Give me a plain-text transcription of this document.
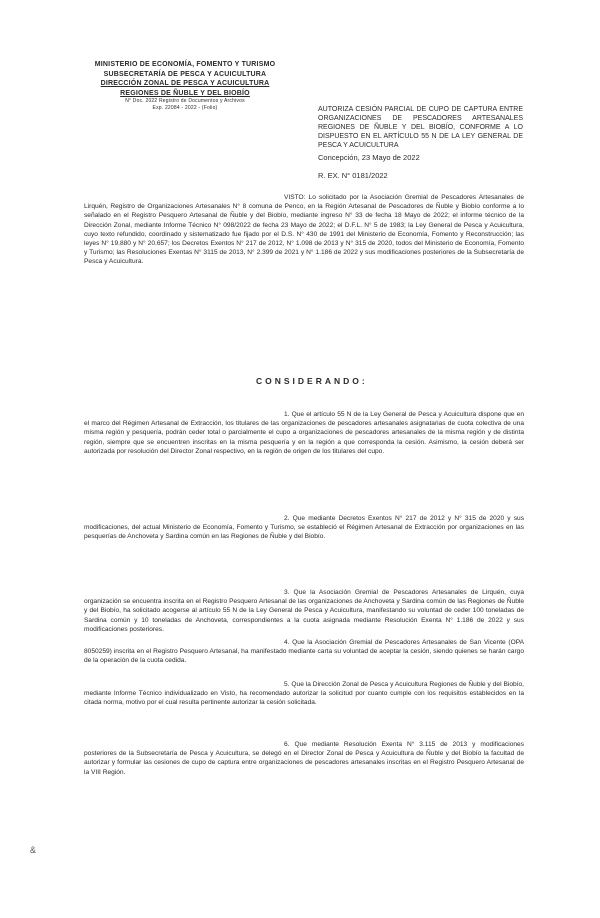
MINISTERIO DE ECONOMÍA, FOMENTO Y TURISMO
SUBSECRETARÍA DE PESCA Y ACUICULTURA
DIRECCIÓN ZONAL DE PESCA Y ACUICULTURA
REGIONES DE ÑUBLE Y DEL BIOBÍO
N° Doc. 2022 Registro de Documentos y Archivos
Exp. 22084 - 2022 - (Folio)	AUTORIZA CESIÓN PARCIAL DE CUPO DE CAPTURA ENTRE ORGANIZACIONES DE PESCADORES ARTESANALES REGIONES DE ÑUBLE Y DEL BIOBÍO, CONFORME A LO DISPUESTO EN EL ARTÍCULO 55 N DE LA LEY GENERAL DE PESCA Y ACUICULTURA
Concepción, 23 Mayo de 2022
R. EX. N° 0181/2022
VISTO: Lo solicitado por la Asociación Gremial de Pescadores Artesanales de Lirquén, Registro de Organizaciones Artesanales N° 8 comuna de Penco, en la Región Artesanal de Pescadores de Ñuble y Biobío conforme a lo señalado en el Registro Pesquero Artesanal de Ñuble y del Biobío, mediante ingreso N° 33 de fecha 18 Mayo de 2022; el informe técnico de la Dirección Zonal, mediante Informe Técnico N° 098/2022 de fecha 23 Mayo de 2022; el D.F.L. N° 5 de 1983; la Ley General de Pesca y Acuicultura, cuyo texto refundido, coordinado y sistematizado fue fijado por el D.S. N° 430 de 1991 del Ministerio de Economía, Fomento y Reconstrucción; las leyes N° 19.880 y N° 20.657; los Decretos Exentos N° 217 de 2012, N° 1.098 de 2013 y N° 315 de 2020, todos del Ministerio de Economía, Fomento y Turismo; las Resoluciones Exentas N° 3115 de 2013, N° 2.399 de 2021 y N° 1.186 de 2022 y sus modificaciones posteriores de la Subsecretaría de Pesca y Acuicultura.
CONSIDERANDO:
1. Que el artículo 55 N de la Ley General de Pesca y Acuicultura dispone que en el marco del Régimen Artesanal de Extracción, los titulares de las organizaciones de pescadores artesanales asignatarias de cuota colectiva de una misma región y pesquería, podrán ceder total o parcialmente el cupo a organizaciones de pescadores artesanales de la misma región y de distinta región, siempre que se encuentren inscritas en la misma pesquería y en la región a que corresponda la cesión. Asimismo, la cesión deberá ser autorizada por resolución del Director Zonal respectivo, en la región de origen de los titulares del cupo.
2. Que mediante Decretos Exentos N° 217 de 2012 y N° 315 de 2020 y sus modificaciones, del actual Ministerio de Economía, Fomento y Turismo, se estableció el Régimen Artesanal de Extracción por organizaciones en las pesquerías de Anchoveta y Sardina común en las Regiones de Ñuble y del Biobío.
3. Que la Asociación Gremial de Pescadores Artesanales de Lirquén, cuya organización se encuentra inscrita en el Registro Pesquero Artesanal de las organizaciones de Anchoveta y Sardina común de las Regiones de Ñuble y del Biobío, ha solicitado acogerse al artículo 55 N de la Ley General de Pesca y Acuicultura, manifestando su voluntad de ceder 100 toneladas de Sardina común y 10 toneladas de Anchoveta, correspondientes a la cuota asignada mediante Resolución Exenta N° 1.186 de 2022 y sus modificaciones posteriores.
4. Que la Asociación Gremial de Pescadores Artesanales de San Vicente (OPA 8050259) inscrita en el Registro Pesquero Artesanal, ha manifestado mediante carta su voluntad de aceptar la cesión, siendo quienes se harán cargo de la operación de la cuota cedida.
5. Que la Dirección Zonal de Pesca y Acuicultura Regiones de Ñuble y del Biobío, mediante Informe Técnico individualizado en Visto, ha recomendado autorizar la solicitud por cuanto cumple con los requisitos establecidos en la citada norma, motivo por el cual resulta pertinente autorizar la cesión solicitada.
6. Que mediante Resolución Exenta N° 3.115 de 2013 y modificaciones posteriores de la Subsecretaría de Pesca y Acuicultura, se delegó en el Director Zonal de Pesca y Acuicultura de Ñuble y del Biobío la facultad de autorizar y formular las cesiones de cupo de captura entre organizaciones de pescadores artesanales inscritas en el Registro Pesquero Artesanal de la VIII Región.
&
